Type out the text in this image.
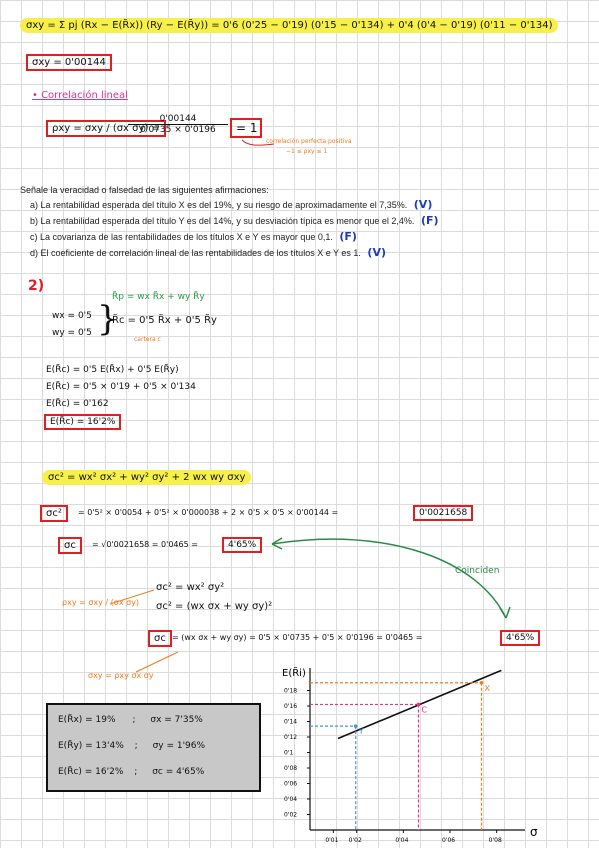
σxy = Σ pj (Rx − E(R̃x)) (Ry − E(R̃y)) = 0'6 (0'25 − 0'19) (0'15 − 0'134) + 0'4 (0'4 − 0'19) (0'11 − 0'134)
σxy = 0'00144
• Correlación lineal
ρxy = σxy / (σx σy) =
$\frac{0'00144}{0'0735 \times 0'0196} = 1$
correlación perfecta positiva
−1 ≤ ρxy ≤ 1
Señale la veracidad o falsedad de las siguientes afirmaciones:
a) La rentabilidad esperada del título X es del 19%, y su riesgo de aproximadamente el 7,35%. (V)
b) La rentabilidad esperada del título Y es del 14%, y su desviación típica es menor que el 2,4%. (F)
c) La covarianza de las rentabilidades de los títulos X e Y es mayor que 0,1. (F)
d) El coeficiente de correlación lineal de las rentabilidades de los títulos X e Y es 1. (V)
2)
wx = 0'5
wy = 0'5 }
R̃p = wx R̃x + wy R̃y
R̃c = 0'5 R̃x + 0'5 R̃y
cartera c
E(R̃c) = 0'5 E(R̃x) + 0'5 E(R̃y)
E(R̃c) = 0'5 × 0'19 + 0'5 × 0'134
E(R̃c) = 0'162
E(R̃c) = 16'2%
σc² = wx² σx² + wy² σy² + 2 wx wy σxy
σc²	= 0'5² × 0'0054 + 0'5² × 0'000038 + 2 × 0'5 × 0'5 × 0'00144 =	0'0021658
σc	= √0'0021658 = 0'0465 =	4'65%
Coinciden
ρxy = σxy / (σx σy)
σc² = wx² σy²
σc² = (wx σx + wy σy)²
σc = (wx σx + wy σy) = 0'5 × 0'0735 + 0'5 × 0'0196 = 0'0465 =	4'65%
σxy = ρxy σx σy
E(R̃x) = 19% ; σx = 7'35%
E(R̃y) = 13'4% ; σy = 1'96%
E(R̃c) = 16'2% ; σc = 4'65%
E(R̃i)
σ
0'01 0'02	0'04	0'06	0'08
0'02
0'04
0'06
0'08
0'1
0'12
0'14
0'16
0'18
Y
C
X
